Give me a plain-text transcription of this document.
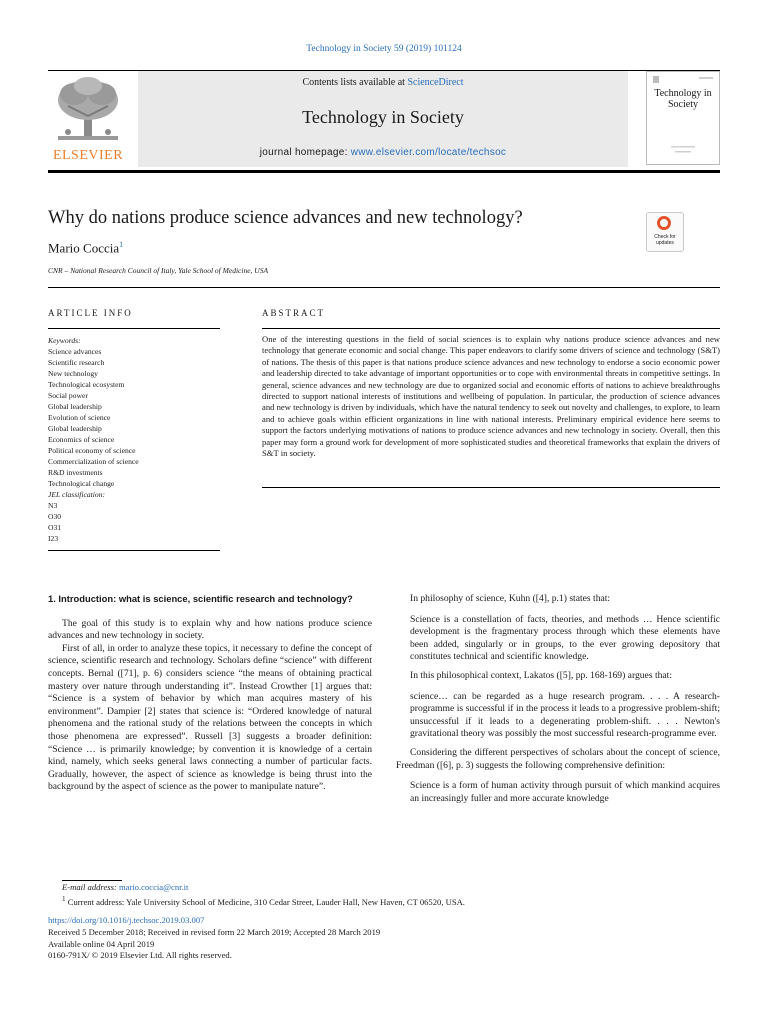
Technology in Society 59 (2019) 101124
ELSEVIER
Contents lists available at ScienceDirect
Technology in Society
journal homepage: www.elsevier.com/locate/techsoc
Technology in Society
Why do nations produce science advances and new technology?
Mario Coccia$^1$
CNR – National Research Council of Italy, Yale School of Medicine, USA
Check for updates
ARTICLE INFO	ABSTRACT
Keywords:
Science advances
Scientific research
New technology
Technological ecosystem
Social power
Global leadership
Evolution of science
Global leadership
Economics of science
Political economy of science
Commercialization of science
R&D investments
Technological change
JEL classification:
N3
O30
O31
I23
One of the interesting questions in the field of social sciences is to explain why nations produce science advances and new technology that generate economic and social change. This paper endeavors to clarify some drivers of science and technology (S&T) of nations. The thesis of this paper is that nations produce science advances and new technology to endorse a socio economic power and leadership directed to take advantage of important opportunities or to cope with environmental threats in competitive settings. In general, science advances and new technology are due to organized social and economic efforts of nations to achieve breakthroughs directed to support national interests of institutions and wellbeing of population. In particular, the production of science advances and new technology is driven by individuals, which have the natural tendency to seek out novelty and challenges, to explore, to learn and to achieve goals within efficient organizations in line with national interests. Preliminary empirical evidence here seems to support the factors underlying motivations of nations to produce science advances and new technology in society. Overall, then this paper may form a ground work for development of more sophisticated studies and theoretical frameworks that explain the drivers of S&T in society.
1. Introduction: what is science, scientific research and technology?

The goal of this study is to explain why and how nations produce science advances and new technology in society.

First of all, in order to analyze these topics, it necessary to define the concept of science, scientific research and technology. Scholars define “science” with different concepts. Bernal ([71], p. 6) considers science “the means of obtaining practical mastery over nature through understanding it”. Instead Crowther [1] argues that: “Science is a system of behavior by which man acquires mastery of his environment”. Dampier [2] states that science is: “Ordered knowledge of natural phenomena and the rational study of the relations between the concepts in which those phenomena are expressed”. Russell [3] suggests a broader definition: “Science … is primarily knowledge; by convention it is knowledge of a certain kind, namely, which seeks general laws connecting a number of particular facts. Gradually, however, the aspect of science as knowledge is being thrust into the background by the aspect of science as the power to manipulate nature”.

In philosophy of science, Kuhn ([4], p.1) states that:

Science is a constellation of facts, theories, and methods … Hence scientific development is the fragmentary process through which these elements have been added, singularly or in groups, to the ever growing depository that constitutes technical and scientific knowledge.

In this philosophical context, Lakatos ([5], pp. 168-169) argues that:

science… can be regarded as a huge research program. . . . A research-programme is successful if in the process it leads to a progressive problem-shift; unsuccessful if it leads to a degenerating problem-shift. . . . Newton's gravitational theory was possibly the most successful research-programme ever.

Considering the different perspectives of scholars about the concept of science, Freedman ([6], p. 3) suggests the following comprehensive definition:

Science is a form of human activity through pursuit of which mankind acquires an increasingly fuller and more accurate knowledge

E-mail address: mario.coccia@cnr.it
$^1$ Current address: Yale University School of Medicine, 310 Cedar Street, Lauder Hall, New Haven, CT 06520, USA.
https://doi.org/10.1016/j.techsoc.2019.03.007
Received 5 December 2018; Received in revised form 22 March 2019; Accepted 28 March 2019
Available online 04 April 2019
0160-791X/ © 2019 Elsevier Ltd. All rights reserved.
